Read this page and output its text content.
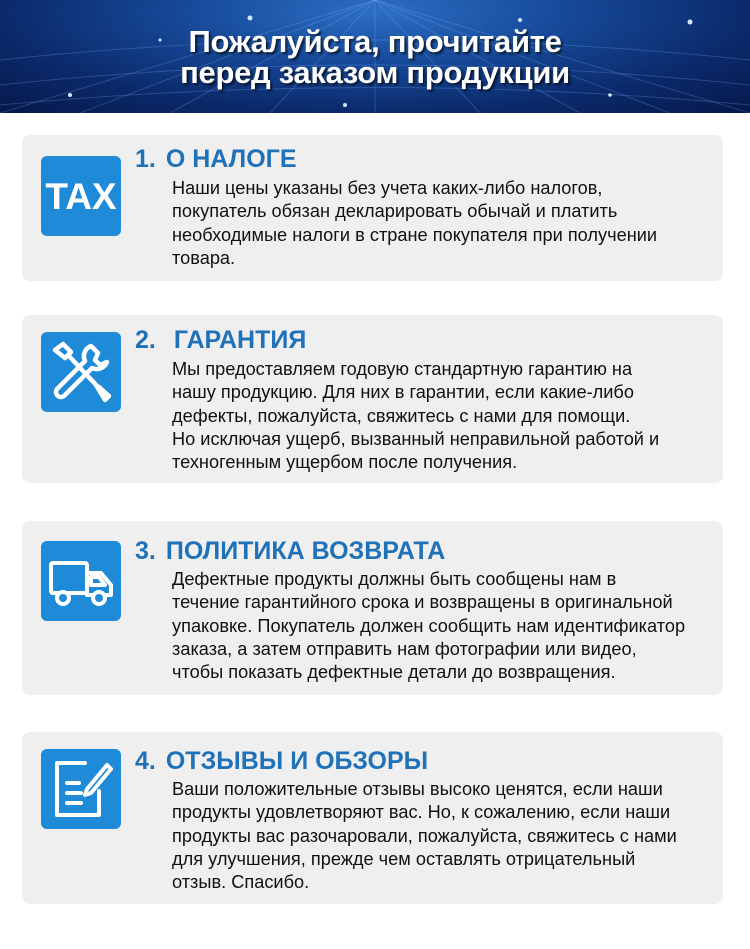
Пожалуйста, прочитайте
перед заказом продукции
TAX
1. О НАЛОГЕ
Наши цены указаны без учета каких-либо налогов,
покупатель обязан декларировать обычай и платить
необходимые налоги в стране покупателя при получении
товара.
2. ГАРАНТИЯ
Мы предоставляем годовую стандартную гарантию на
нашу продукцию. Для них в гарантии, если какие-либо
дефекты, пожалуйста, свяжитесь с нами для помощи.
Но исключая ущерб, вызванный неправильной работой и
техногенным ущербом после получения.
3. ПОЛИТИКА ВОЗВРАТА
Дефектные продукты должны быть сообщены нам в
течение гарантийного срока и возвращены в оригинальной
упаковке. Покупатель должен сообщить нам идентификатор
заказа, а затем отправить нам фотографии или видео,
чтобы показать дефектные детали до возвращения.
4. ОТЗЫВЫ И ОБЗОРЫ
Ваши положительные отзывы высоко ценятся, если наши
продукты удовлетворяют вас. Но, к сожалению, если наши
продукты вас разочаровали, пожалуйста, свяжитесь с нами
для улучшения, прежде чем оставлять отрицательный
отзыв. Спасибо.
